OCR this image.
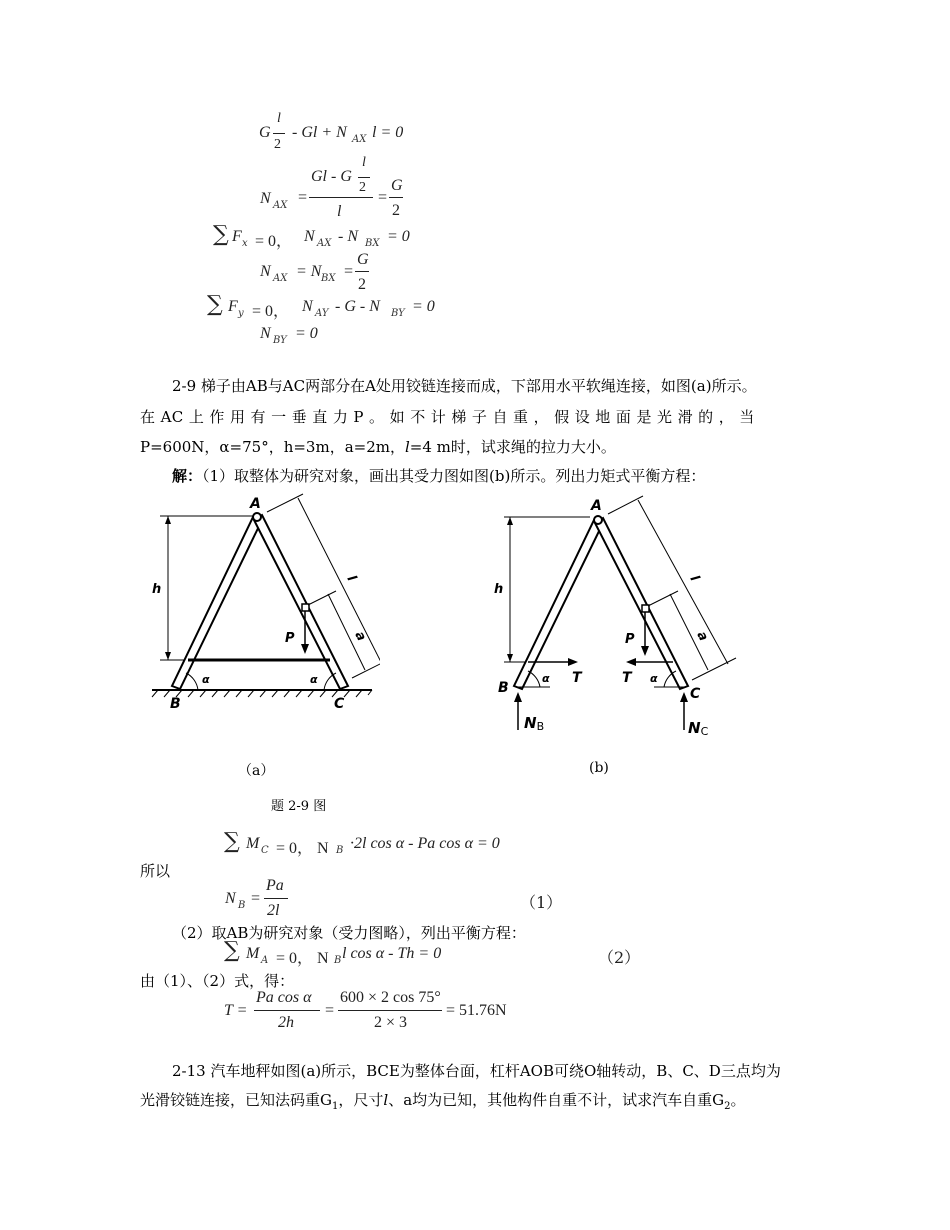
G
l
2
- Gl + N AX l = 0
N AX =
Gl - G
l
2
l
=
G
2
∑ F x = 0， N AX - N BX = 0
N AX = N BX =
G
2
∑ F y = 0， N AY - G - N BY = 0
N BY = 0
2-9 梯子由AB与AC两部分在A处用铰链连接而成，下部用水平软绳连接，如图(a)所示。
在 AC 上 作 用 有 一 垂 直 力 P 。 如 不 计 梯 子 自 重 ， 假 设 地 面 是 光 滑 的 ， 当
P=600N，α=75°，h=3m，a=2m，l=4 m时，试求绳的拉力大小。
解：（1）取整体为研究对象，画出其受力图如图(b)所示。列出力矩式平衡方程：
h
P
l
a
α	α
A
B	C
h
T	T
P
l
a
α	α
NB	NC
A
B	C
（a）	(b)
题 2-9 图
∑ M C = 0， N B ·2l cos α - Pa cos α = 0
所以
N B =
Pa
2l	（1）
（2）取AB为研究对象（受力图略），列出平衡方程：
∑ M A = 0， N B l cos α - Th = 0	（2）
由（1）、（2）式，得：
T =
Pa cos α
2h
=
600 × 2 cos 75°
2 × 3
= 51.76N
2-13 汽车地秤如图(a)所示，BCE为整体台面，杠杆AOB可绕O轴转动，B、C、D三点均为
光滑铰链连接，已知法码重$G_1$，尺寸l、a均为已知，其他构件自重不计，试求汽车自重$G_2$。
